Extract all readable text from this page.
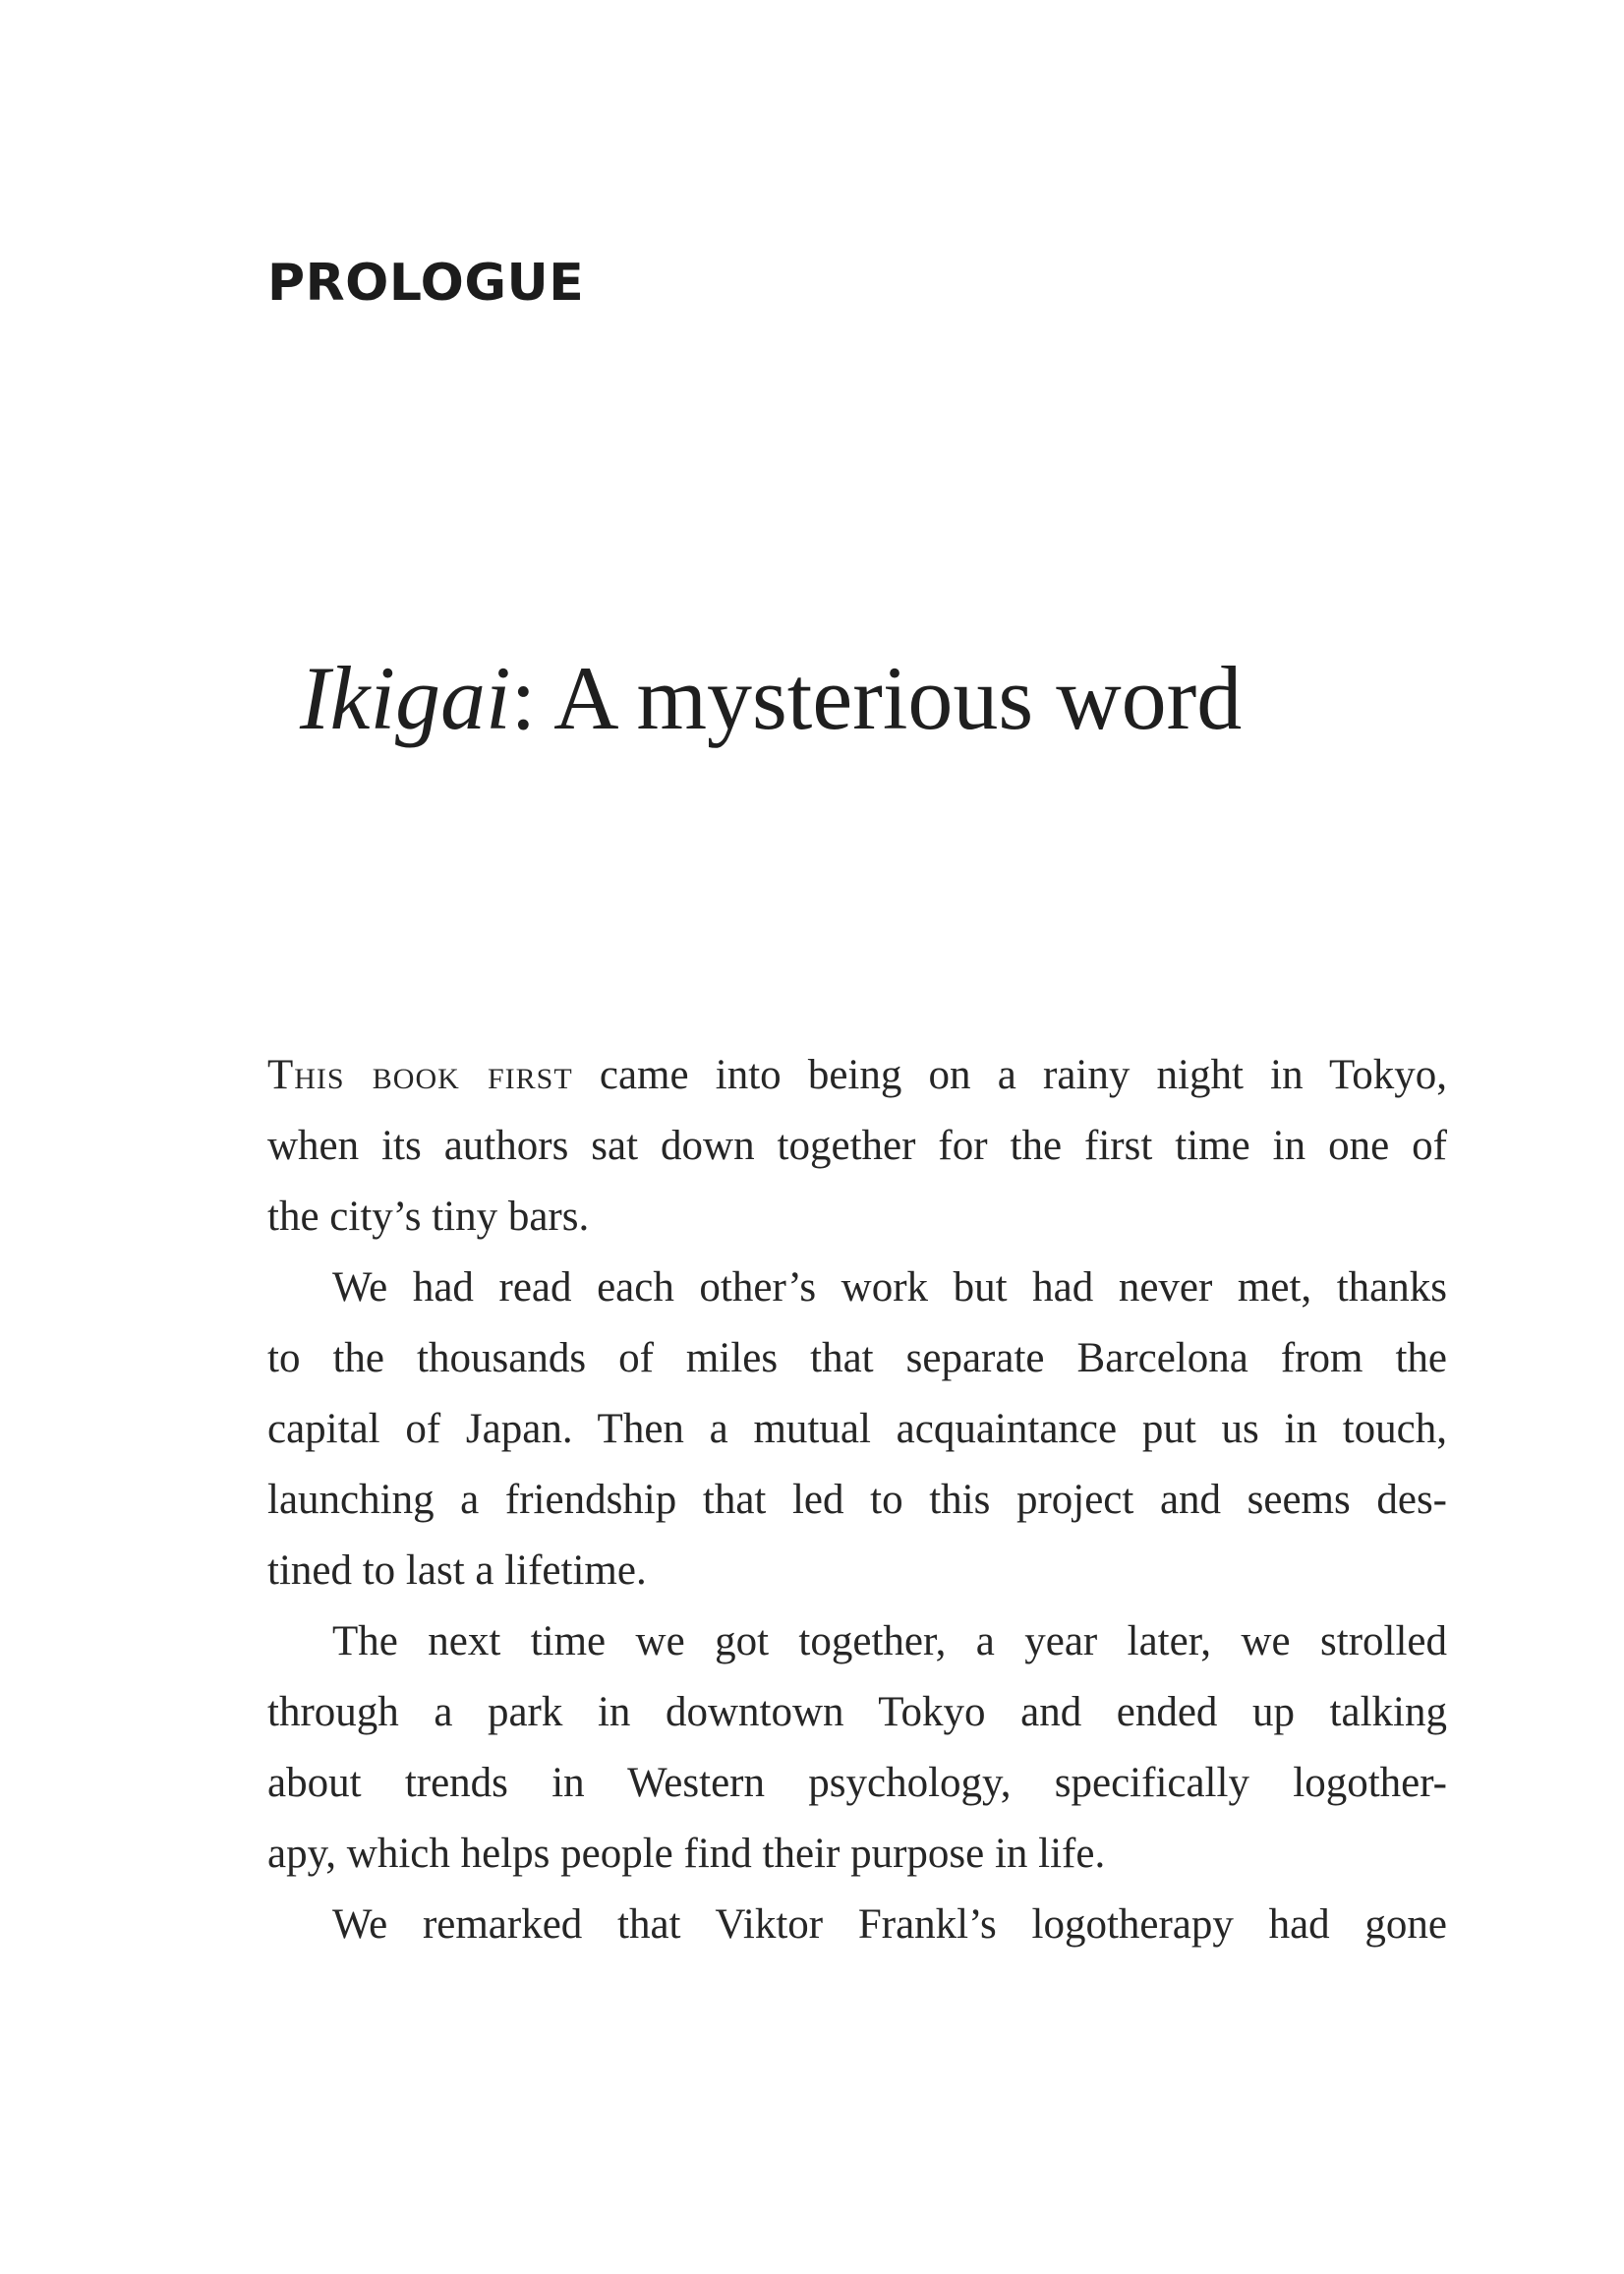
PROLOGUE
Ikigai: A mysterious word

This book first came into being on a rainy night in Tokyo,
when its authors sat down together for the first time in one of
the city’s tiny bars.

We had read each other’s work but had never met, thanks
to the thousands of miles that separate Barcelona from the
capital of Japan. Then a mutual acquaintance put us in touch,
launching a friendship that led to this project and seems des-
tined to last a lifetime.

The next time we got together, a year later, we strolled
through a park in downtown Tokyo and ended up talking
about trends in Western psychology, specifically logother-
apy, which helps people find their purpose in life.

We remarked that Viktor Frankl’s logotherapy had gone
